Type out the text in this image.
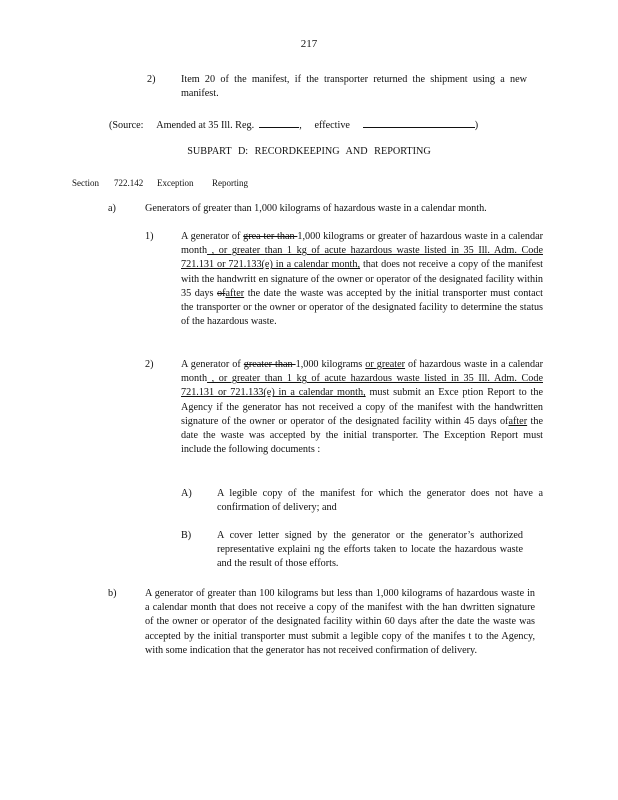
217
2)	Item 20 of the manifest, if the transporter returned the shipment using a new manifest.
(Source: Amended at 35 Ill. Reg.	, effective	)
SUBPART D: RECORDKEEPING AND REPORTING
Section 722.142 Exception Reporting
a)	Generators of greater than 1,000 kilograms of hazardous waste in a calendar month.
1)	A generator of grea ter than 1,000 kilograms or greater of hazardous waste in a calendar month , or greater than 1 kg of acute hazardous waste listed in 35 Ill. Adm. Code 721.131 or 721.133(e) in a calendar month, that does not receive a copy of the manifest with the handwritt en signature of the owner or operator of the designated facility within 35 days ofafter the date the waste was accepted by the initial transporter must contact the transporter or the owner or operator of the designated facility to determine the status of the hazardous waste.
2)	A generator of greater than 1,000 kilograms or greater of hazardous waste in a calendar month , or greater than 1 kg of acute hazardous waste listed in 35 Ill. Adm. Code 721.131 or 721.133(e) in a calendar month, must submit an Exce ption Report to the Agency if the generator has not received a copy of the manifest with the handwritten signature of the owner or operator of the designated facility within 45 days ofafter the date the waste was accepted by the initial transporter. The Exception Report must include the following documents :
A)	A legible copy of the manifest for which the generator does not have a confirmation of delivery; and
B)	A cover letter signed by the generator or the generator’s authorized representative explaini ng the efforts taken to locate the hazardous waste and the result of those efforts.
b)	A generator of greater than 100 kilograms but less than 1,000 kilograms of hazardous waste in a calendar month that does not receive a copy of the manifest with the han dwritten signature of the owner or operator of the designated facility within 60 days after the date the waste was accepted by the initial transporter must submit a legible copy of the manifes t to the Agency, with some indication that the generator has not received confirmation of delivery.
